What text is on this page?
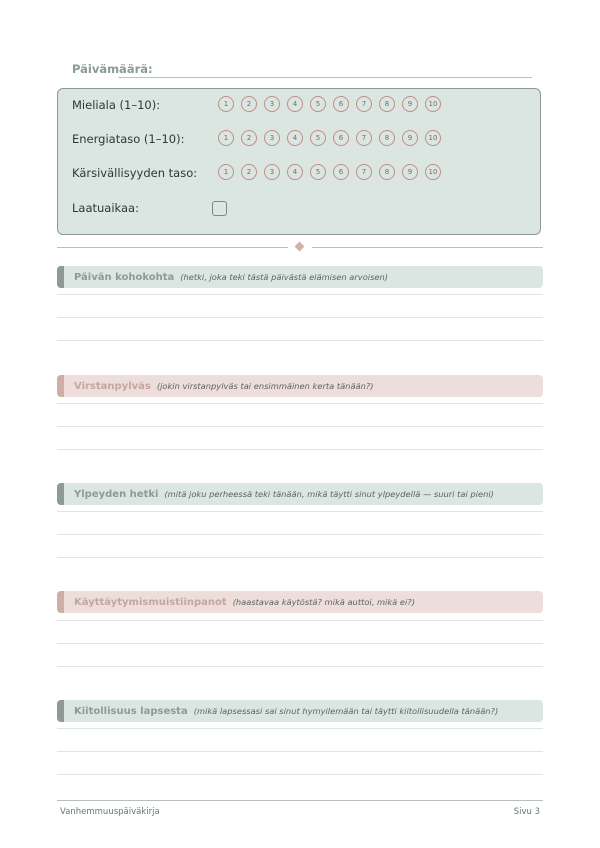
Päivämäärä:
Mieliala (1–10):	1	2	3	4	5	6	7	8	9	10
Energiataso (1–10):	1	2	3	4	5	6	7	8	9	10
Kärsivällisyyden taso:	1	2	3	4	5	6	7	8	9	10
Laatuaikaa:
Päivän kohokohta (hetki, joka teki tästä päivästä elämisen arvoisen)
Virstanpylväs (jokin virstanpylväs tai ensimmäinen kerta tänään?)
Ylpeyden hetki (mitä joku perheessä teki tänään, mikä täytti sinut ylpeydellä — suuri tai pieni)
Käyttäytymismuistiinpanot (haastavaa käytöstä? mikä auttoi, mikä ei?)
Kiitollisuus lapsesta (mikä lapsessasi sai sinut hymyilemään tai täytti kiitollisuudella tänään?)
Vanhemmuuspäiväkirja	Sivu 3
